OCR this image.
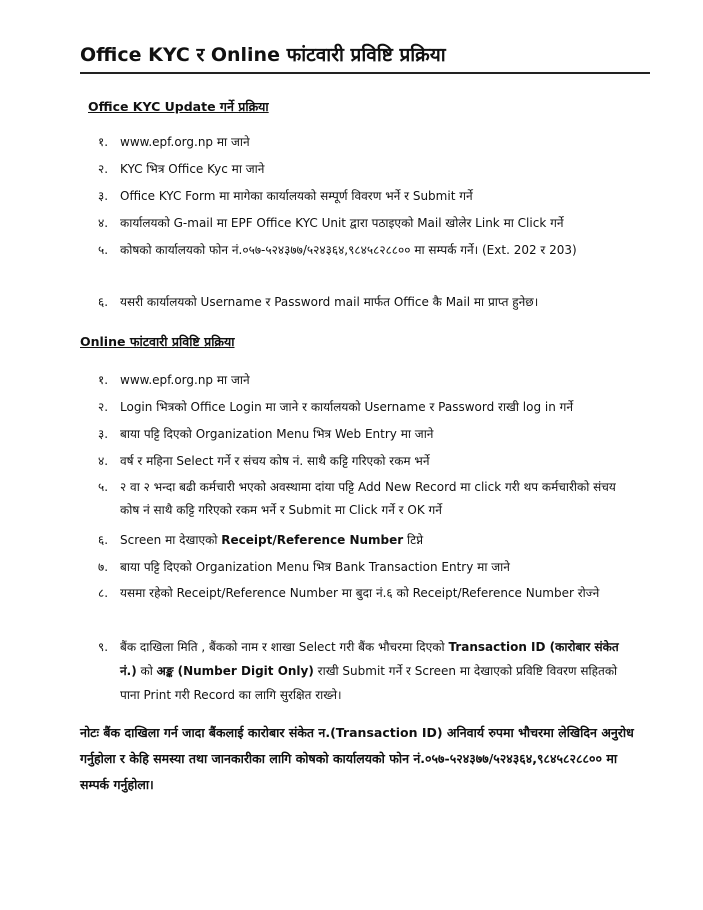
Office KYC र Online फांटवारी प्रविष्टि प्रक्रिया
Office KYC Update गर्ने प्रक्रिया
१. www.epf.org.np मा जाने
२. KYC भित्र Office Kyc मा जाने
३. Office KYC Form मा मागेका कार्यालयको सम्पूर्ण विवरण भर्ने र Submit गर्ने
४. कार्यालयको G-mail मा EPF Office KYC Unit द्वारा पठाइएको Mail खोलेर Link मा Click गर्ने
५. कोषको कार्यालयको फोन नं.०५७-५२४३७७/५२४३६४,९८४५८२८८०० मा सम्पर्क गर्ने। (Ext. 202 र 203)
६. यसरी कार्यालयको Username र Password mail मार्फत Office कै Mail मा प्राप्त हुनेछ।
Online फांटवारी प्रविष्टि प्रक्रिया
१. www.epf.org.np मा जाने
२. Login भित्रको Office Login मा जाने र कार्यालयको Username र Password राखी log in गर्ने
३. बाया पट्टि दिएको Organization Menu भित्र Web Entry मा जाने
४. वर्ष र महिना Select गर्ने र संचय कोष नं. साथै कट्टि गरिएको रकम भर्ने
५. २ वा २ भन्दा बढी कर्मचारी भएको अवस्थामा दांया पट्टि Add New Record मा click गरी थप कर्मचारीको संचय कोष नं साथै कट्टि गरिएको रकम भर्ने र Submit मा Click गर्ने र OK गर्ने
६. Screen मा देखाएको Receipt/Reference Number टिप्ने
७. बाया पट्टि दिएको Organization Menu भित्र Bank Transaction Entry मा जाने
८. यसमा रहेको Receipt/Reference Number मा बुदा नं.६ को Receipt/Reference Number रोज्ने
९. बैंक दाखिला मिति , बैंकको नाम र शाखा Select गरी बैंक भौचरमा दिएको Transaction ID (कारोबार संकेत नं.) को अङ्क (Number Digit Only) राखी Submit गर्ने र Screen मा देखाएको प्रविष्टि विवरण सहितको पाना Print गरी Record का लागि सुरक्षित राख्ने।
नोटः बैंक दाखिला गर्न जादा बैंकलाई कारोबार संकेत न.(Transaction ID) अनिवार्य रुपमा भौचरमा लेखिदिन अनुरोध गर्नुहोला र केहि समस्या तथा जानकारीका लागि कोषको कार्यालयको फोन नं.०५७-५२४३७७/५२४३६४,९८४५८२८८०० मा सम्पर्क गर्नुहोला।
